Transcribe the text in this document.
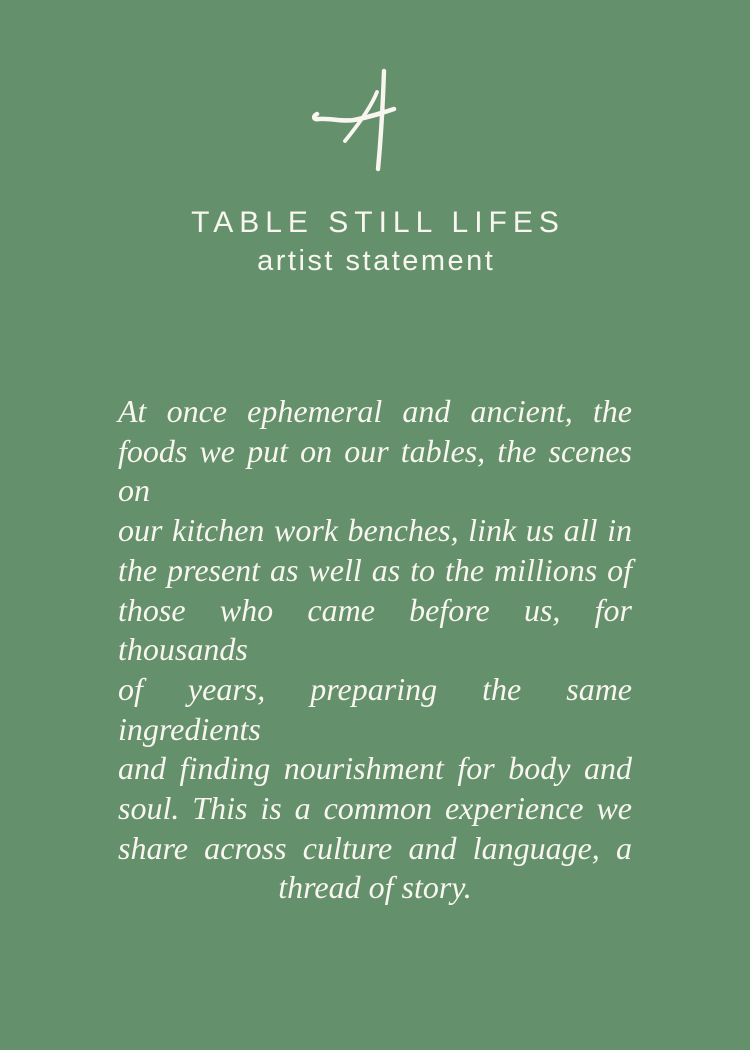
TABLE STILL LIFES
artist statement
At once ephemeral and ancient, the
foods we put on our tables, the scenes on
our kitchen work benches, link us all in
the present as well as to the millions of
those who came before us, for thousands
of years, preparing the same ingredients
and finding nourishment for body and
soul. This is a common experience we
share across culture and language, a
thread of story.
